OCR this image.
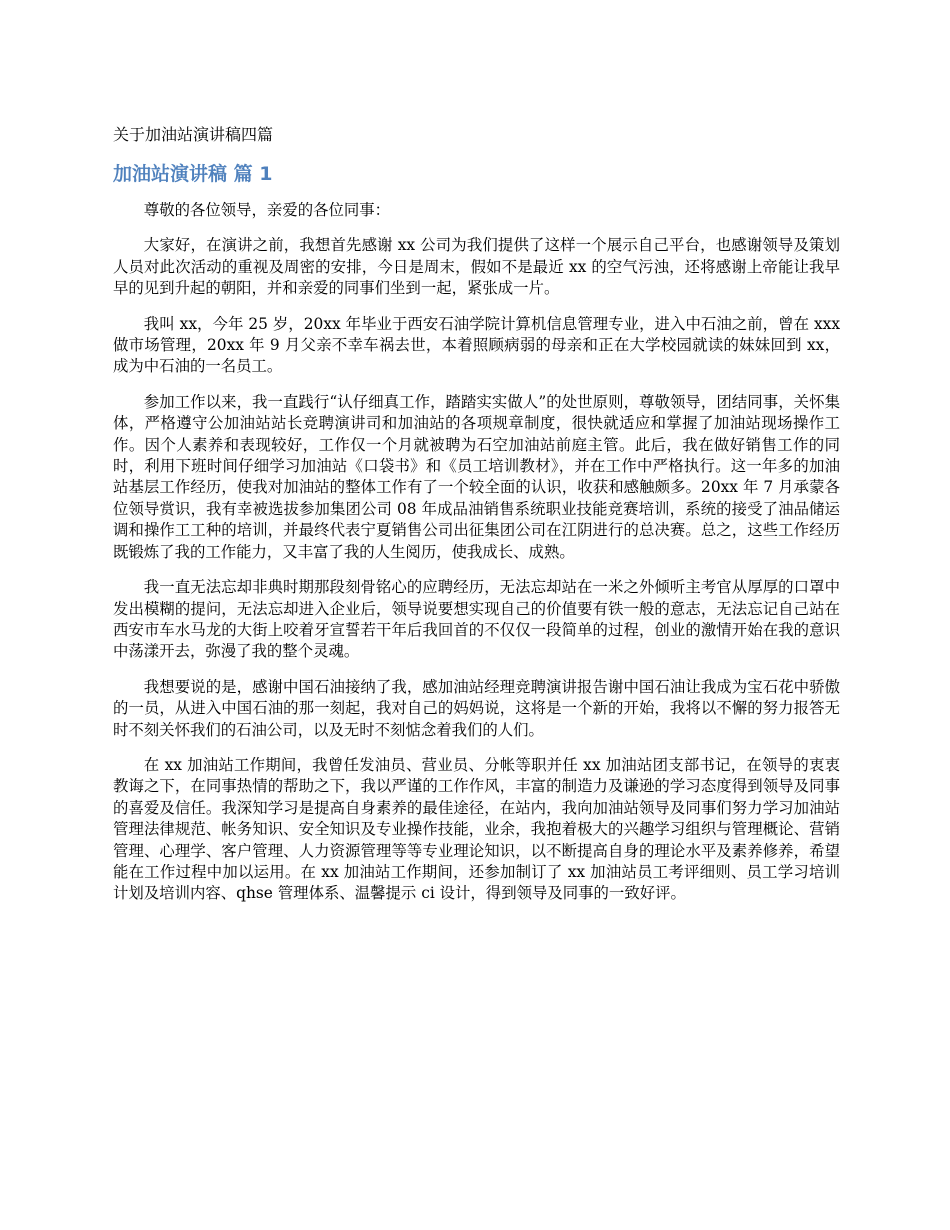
关于加油站演讲稿四篇
加油站演讲稿 篇 1

尊敬的各位领导，亲爱的各位同事：

大家好，在演讲之前，我想首先感谢 xx 公司为我们提供了这样一个展示自己平台，也感谢领导及策划人员对此次活动的重视及周密的安排，今日是周末，假如不是最近 xx 的空气污浊，还将感谢上帝能让我早早的见到升起的朝阳，并和亲爱的同事们坐到一起，紧张成一片。

我叫 xx，今年 25 岁，20xx 年毕业于西安石油学院计算机信息管理专业，进入中石油之前，曾在 xxx 做市场管理，20xx 年 9 月父亲不幸车祸去世，本着照顾病弱的母亲和正在大学校园就读的妹妹回到 xx，成为中石油的一名员工。

参加工作以来，我一直践行“认仔细真工作，踏踏实实做人”的处世原则，尊敬领导，团结同事，关怀集体，严格遵守公加油站站长竞聘演讲司和加油站的各项规章制度，很快就适应和掌握了加油站现场操作工作。因个人素养和表现较好，工作仅一个月就被聘为石空加油站前庭主管。此后，我在做好销售工作的同时，利用下班时间仔细学习加油站《口袋书》和《员工培训教材》，并在工作中严格执行。这一年多的加油站基层工作经历，使我对加油站的整体工作有了一个较全面的认识，收获和感触颇多。20xx 年 7 月承蒙各位领导赏识，我有幸被选拔参加集团公司 08 年成品油销售系统职业技能竞赛培训，系统的接受了油品储运调和操作工工种的培训，并最终代表宁夏销售公司出征集团公司在江阴进行的总决赛。总之，这些工作经历既锻炼了我的工作能力，又丰富了我的人生阅历，使我成长、成熟。

我一直无法忘却非典时期那段刻骨铭心的应聘经历，无法忘却站在一米之外倾听主考官从厚厚的口罩中发出模糊的提问，无法忘却进入企业后，领导说要想实现自己的价值要有铁一般的意志，无法忘记自己站在西安市车水马龙的大街上咬着牙宣誓若干年后我回首的不仅仅一段简单的过程，创业的激情开始在我的意识中荡漾开去，弥漫了我的整个灵魂。

我想要说的是，感谢中国石油接纳了我，感加油站经理竞聘演讲报告谢中国石油让我成为宝石花中骄傲的一员，从进入中国石油的那一刻起，我对自己的妈妈说，这将是一个新的开始，我将以不懈的努力报答无时不刻关怀我们的石油公司，以及无时不刻惦念着我们的人们。

在 xx 加油站工作期间，我曾任发油员、营业员、分帐等职并任 xx 加油站团支部书记，在领导的衷衷教诲之下，在同事热情的帮助之下，我以严谨的工作作风，丰富的制造力及谦逊的学习态度得到领导及同事的喜爱及信任。我深知学习是提高自身素养的最佳途径，在站内，我向加油站领导及同事们努力学习加油站管理法律规范、帐务知识、安全知识及专业操作技能，业余，我抱着极大的兴趣学习组织与管理概论、营销管理、心理学、客户管理、人力资源管理等等专业理论知识，以不断提高自身的理论水平及素养修养，希望能在工作过程中加以运用。在 xx 加油站工作期间，还参加制订了 xx 加油站员工考评细则、员工学习培训计划及培训内容、qhse 管理体系、温馨提示 ci 设计，得到领导及同事的一致好评。
